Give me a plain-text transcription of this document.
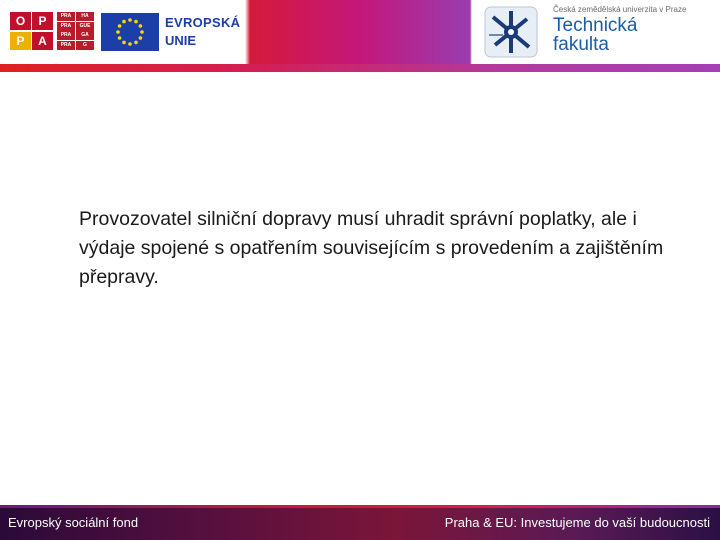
O	P
P	A
PRA	HA
PRA	GUE
PRA	GA
PRA	G
EVROPSKÁ
UNIE
Česká zemědělská univerzita v Praze
Technická
fakulta
Provozovatel silniční dopravy musí uhradit správní poplatky, ale i výdaje spojené s opatřením souvisejícím s provedením a zajištěním přepravy.
Evropský sociální fond	Praha & EU: Investujeme do vaší budoucnosti
